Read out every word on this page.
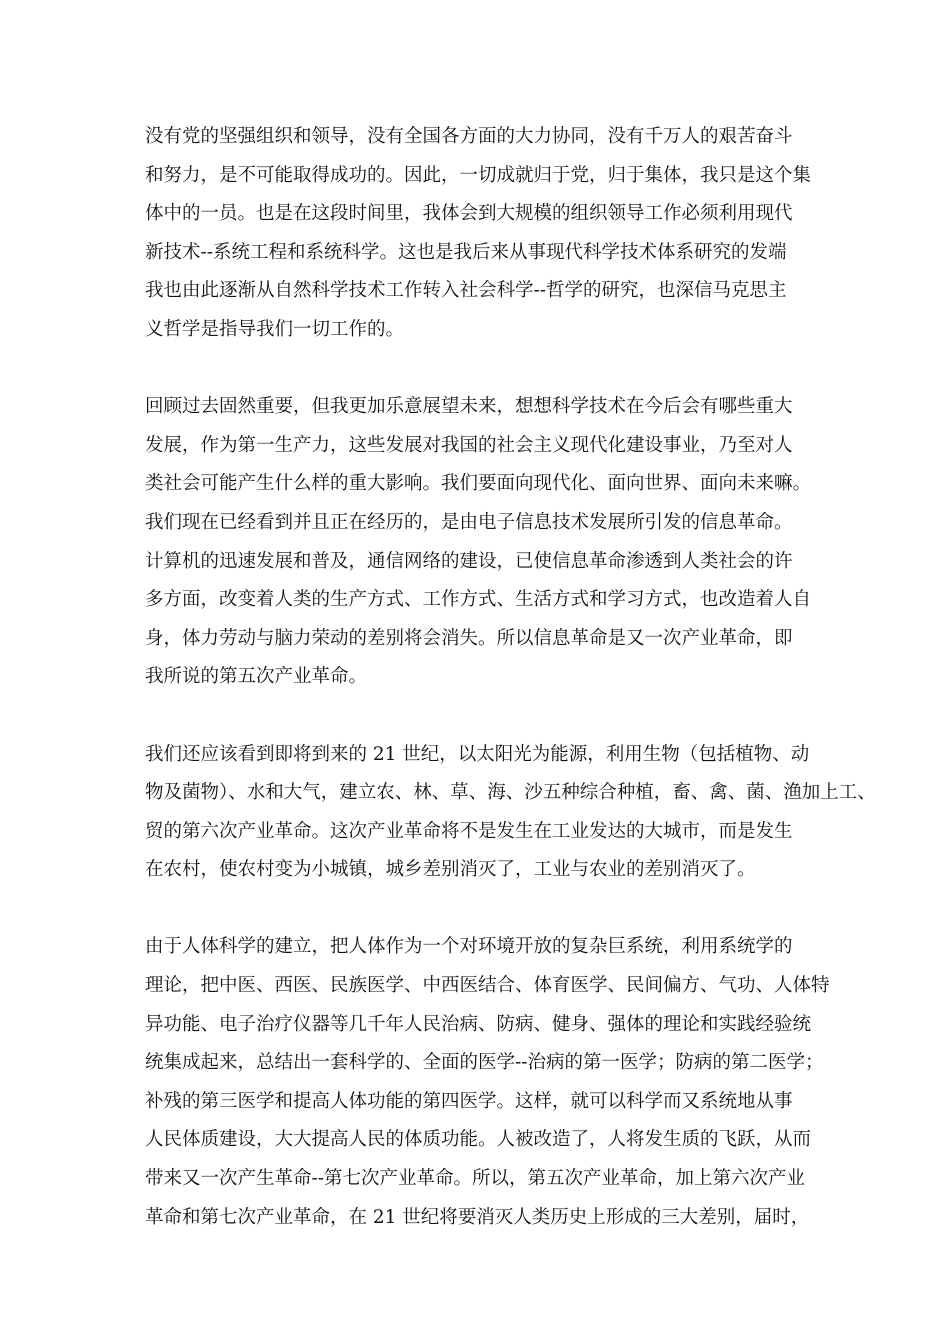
没有党的坚强组织和领导，没有全国各方面的大力协同，没有千万人的艰苦奋斗
和努力，是不可能取得成功的。因此，一切成就归于党，归于集体，我只是这个集
体中的一员。也是在这段时间里，我体会到大规模的组织领导工作必须利用现代
新技术--系统工程和系统科学。这也是我后来从事现代科学技术体系研究的发端
我也由此逐渐从自然科学技术工作转入社会科学--哲学的研究，也深信马克思主
义哲学是指导我们一切工作的。
回顾过去固然重要，但我更加乐意展望未来，想想科学技术在今后会有哪些重大
发展，作为第一生产力，这些发展对我国的社会主义现代化建设事业，乃至对人
类社会可能产生什么样的重大影响。我们要面向现代化、面向世界、面向未来嘛。
我们现在已经看到并且正在经历的，是由电子信息技术发展所引发的信息革命。
计算机的迅速发展和普及，通信网络的建设，已使信息革命渗透到人类社会的许
多方面，改变着人类的生产方式、工作方式、生活方式和学习方式，也改造着人自
身，体力劳动与脑力荣动的差别将会消失。所以信息革命是又一次产业革命，即
我所说的第五次产业革命。
我们还应该看到即将到来的 21 世纪，以太阳光为能源，利用生物（包括植物、动
物及菌物）、水和大气，建立农、林、草、海、沙五种综合种植，畜、禽、菌、渔加上工、
贸的第六次产业革命。这次产业革命将不是发生在工业发达的大城市，而是发生
在农村，使农村变为小城镇，城乡差别消灭了，工业与农业的差别消灭了。
由于人体科学的建立，把人体作为一个对环境开放的复杂巨系统，利用系统学的
理论，把中医、西医、民族医学、中西医结合、体育医学、民间偏方、气功、人体特
异功能、电子治疗仪器等几千年人民治病、防病、健身、强体的理论和实践经验统
统集成起来，总结出一套科学的、全面的医学--治病的第一医学；防病的第二医学；
补残的第三医学和提高人体功能的第四医学。这样，就可以科学而又系统地从事
人民体质建设，大大提高人民的体质功能。人被改造了，人将发生质的飞跃，从而
带来又一次产生革命--第七次产业革命。所以，第五次产业革命，加上第六次产业
革命和第七次产业革命，在 21 世纪将要消灭人类历史上形成的三大差别，届时，
